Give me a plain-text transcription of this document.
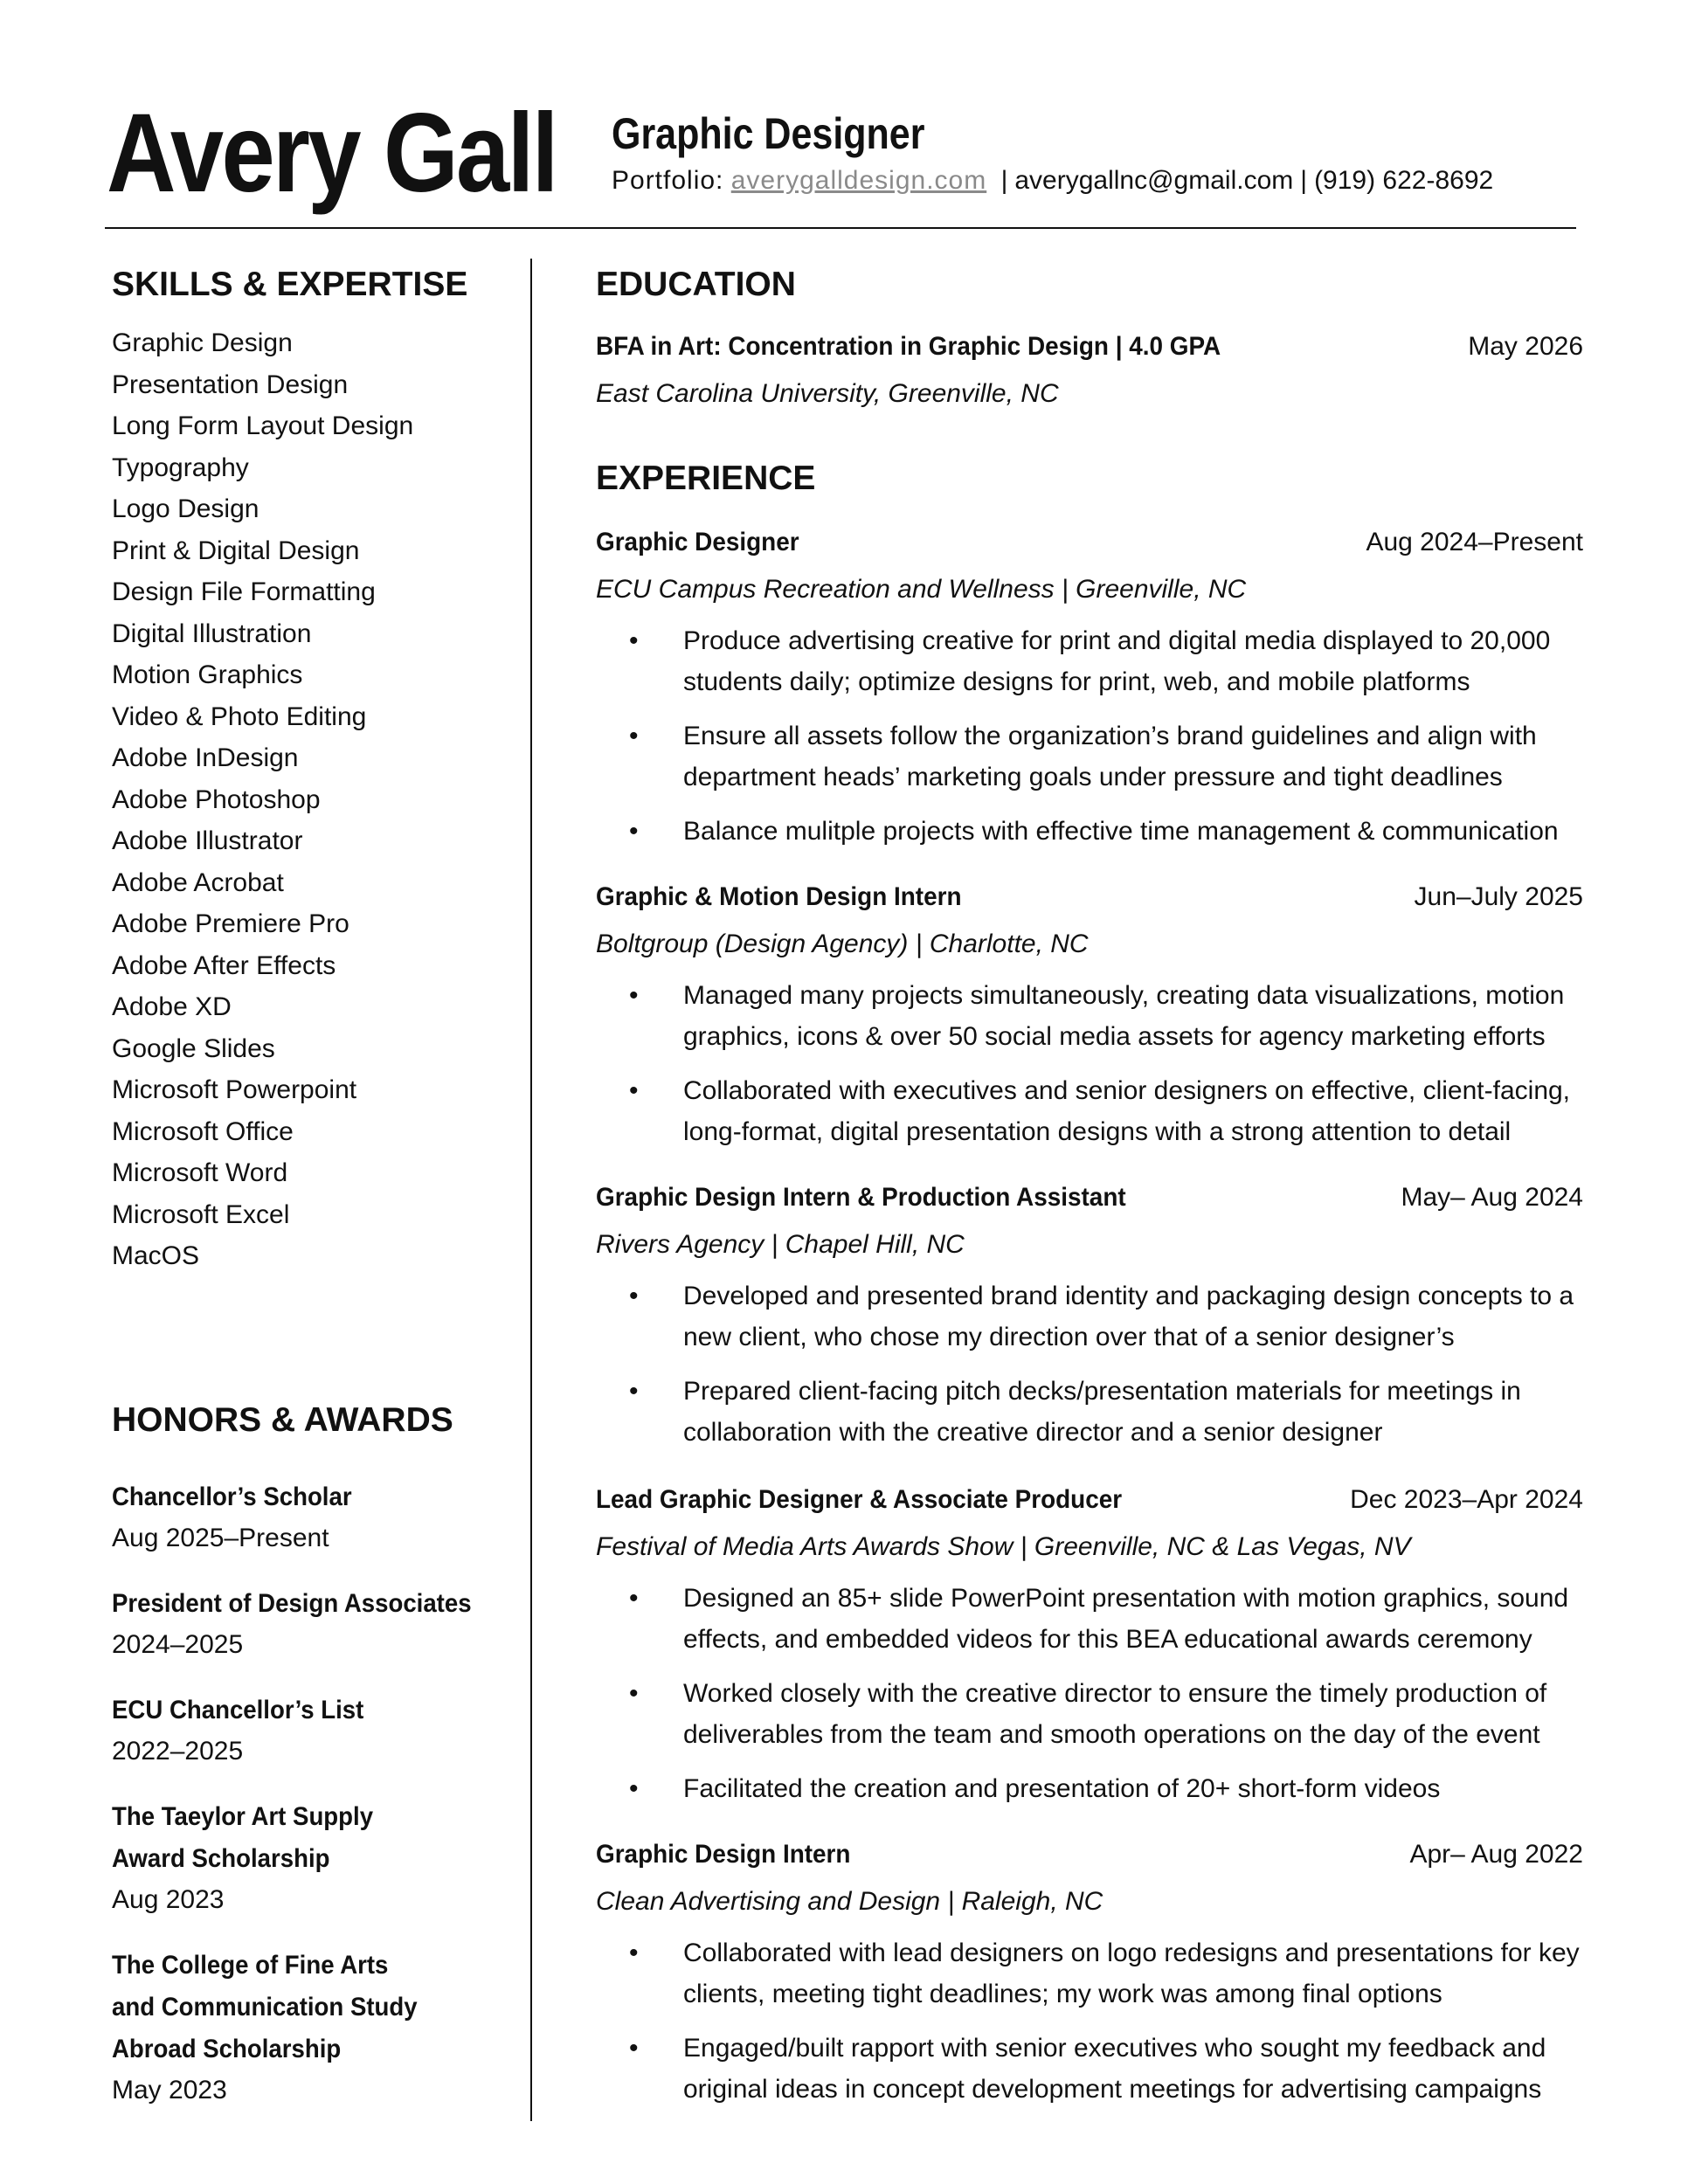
Avery Gall Graphic Designer
Portfolio: averygalldesign.com | averygallnc@gmail.com | (919) 622-8692
SKILLS & EXPERTISE
Graphic Design
Presentation Design
Long Form Layout Design
Typography
Logo Design
Print & Digital Design
Design File Formatting
Digital Illustration
Motion Graphics
Video & Photo Editing
Adobe InDesign
Adobe Photoshop
Adobe Illustrator
Adobe Acrobat
Adobe Premiere Pro
Adobe After Effects
Adobe XD
Google Slides
Microsoft Powerpoint
Microsoft Office
Microsoft Word
Microsoft Excel
MacOS
HONORS & AWARDS
Chancellor’s Scholar
Aug 2025–Present
President of Design Associates
2024–2025
ECU Chancellor’s List
2022–2025
The Taeylor Art Supply
Award Scholarship
Aug 2023
The College of Fine Arts
and Communication Study
Abroad Scholarship
May 2023
EDUCATION
BFA in Art: Concentration in Graphic Design | 4.0 GPA	May 2026
East Carolina University, Greenville, NC
EXPERIENCE
Graphic Designer	Aug 2024–Present
ECU Campus Recreation and Wellness | Greenville, NC
• Produce advertising creative for print and digital media displayed to 20,000 students daily; optimize designs for print, web, and mobile platforms
• Ensure all assets follow the organization’s brand guidelines and align with department heads’ marketing goals under pressure and tight deadlines
• Balance mulitple projects with effective time management & communication
Graphic & Motion Design Intern	Jun–July 2025
Boltgroup (Design Agency) | Charlotte, NC
• Managed many projects simultaneously, creating data visualizations, motion graphics, icons & over 50 social media assets for agency marketing efforts
• Collaborated with executives and senior designers on effective, client-facing, long-format, digital presentation designs with a strong attention to detail
Graphic Design Intern & Production Assistant	May– Aug 2024
Rivers Agency | Chapel Hill, NC
• Developed and presented brand identity and packaging design concepts to a new client, who chose my direction over that of a senior designer’s
• Prepared client-facing pitch decks/presentation materials for meetings in collaboration with the creative director and a senior designer
Lead Graphic Designer & Associate Producer	Dec 2023–Apr 2024
Festival of Media Arts Awards Show | Greenville, NC & Las Vegas, NV
• Designed an 85+ slide PowerPoint presentation with motion graphics, sound effects, and embedded videos for this BEA educational awards ceremony
• Worked closely with the creative director to ensure the timely production of deliverables from the team and smooth operations on the day of the event
• Facilitated the creation and presentation of 20+ short-form videos
Graphic Design Intern	Apr– Aug 2022
Clean Advertising and Design | Raleigh, NC
• Collaborated with lead designers on logo redesigns and presentations for key clients, meeting tight deadlines; my work was among final options
• Engaged/built rapport with senior executives who sought my feedback and original ideas in concept development meetings for advertising campaigns
